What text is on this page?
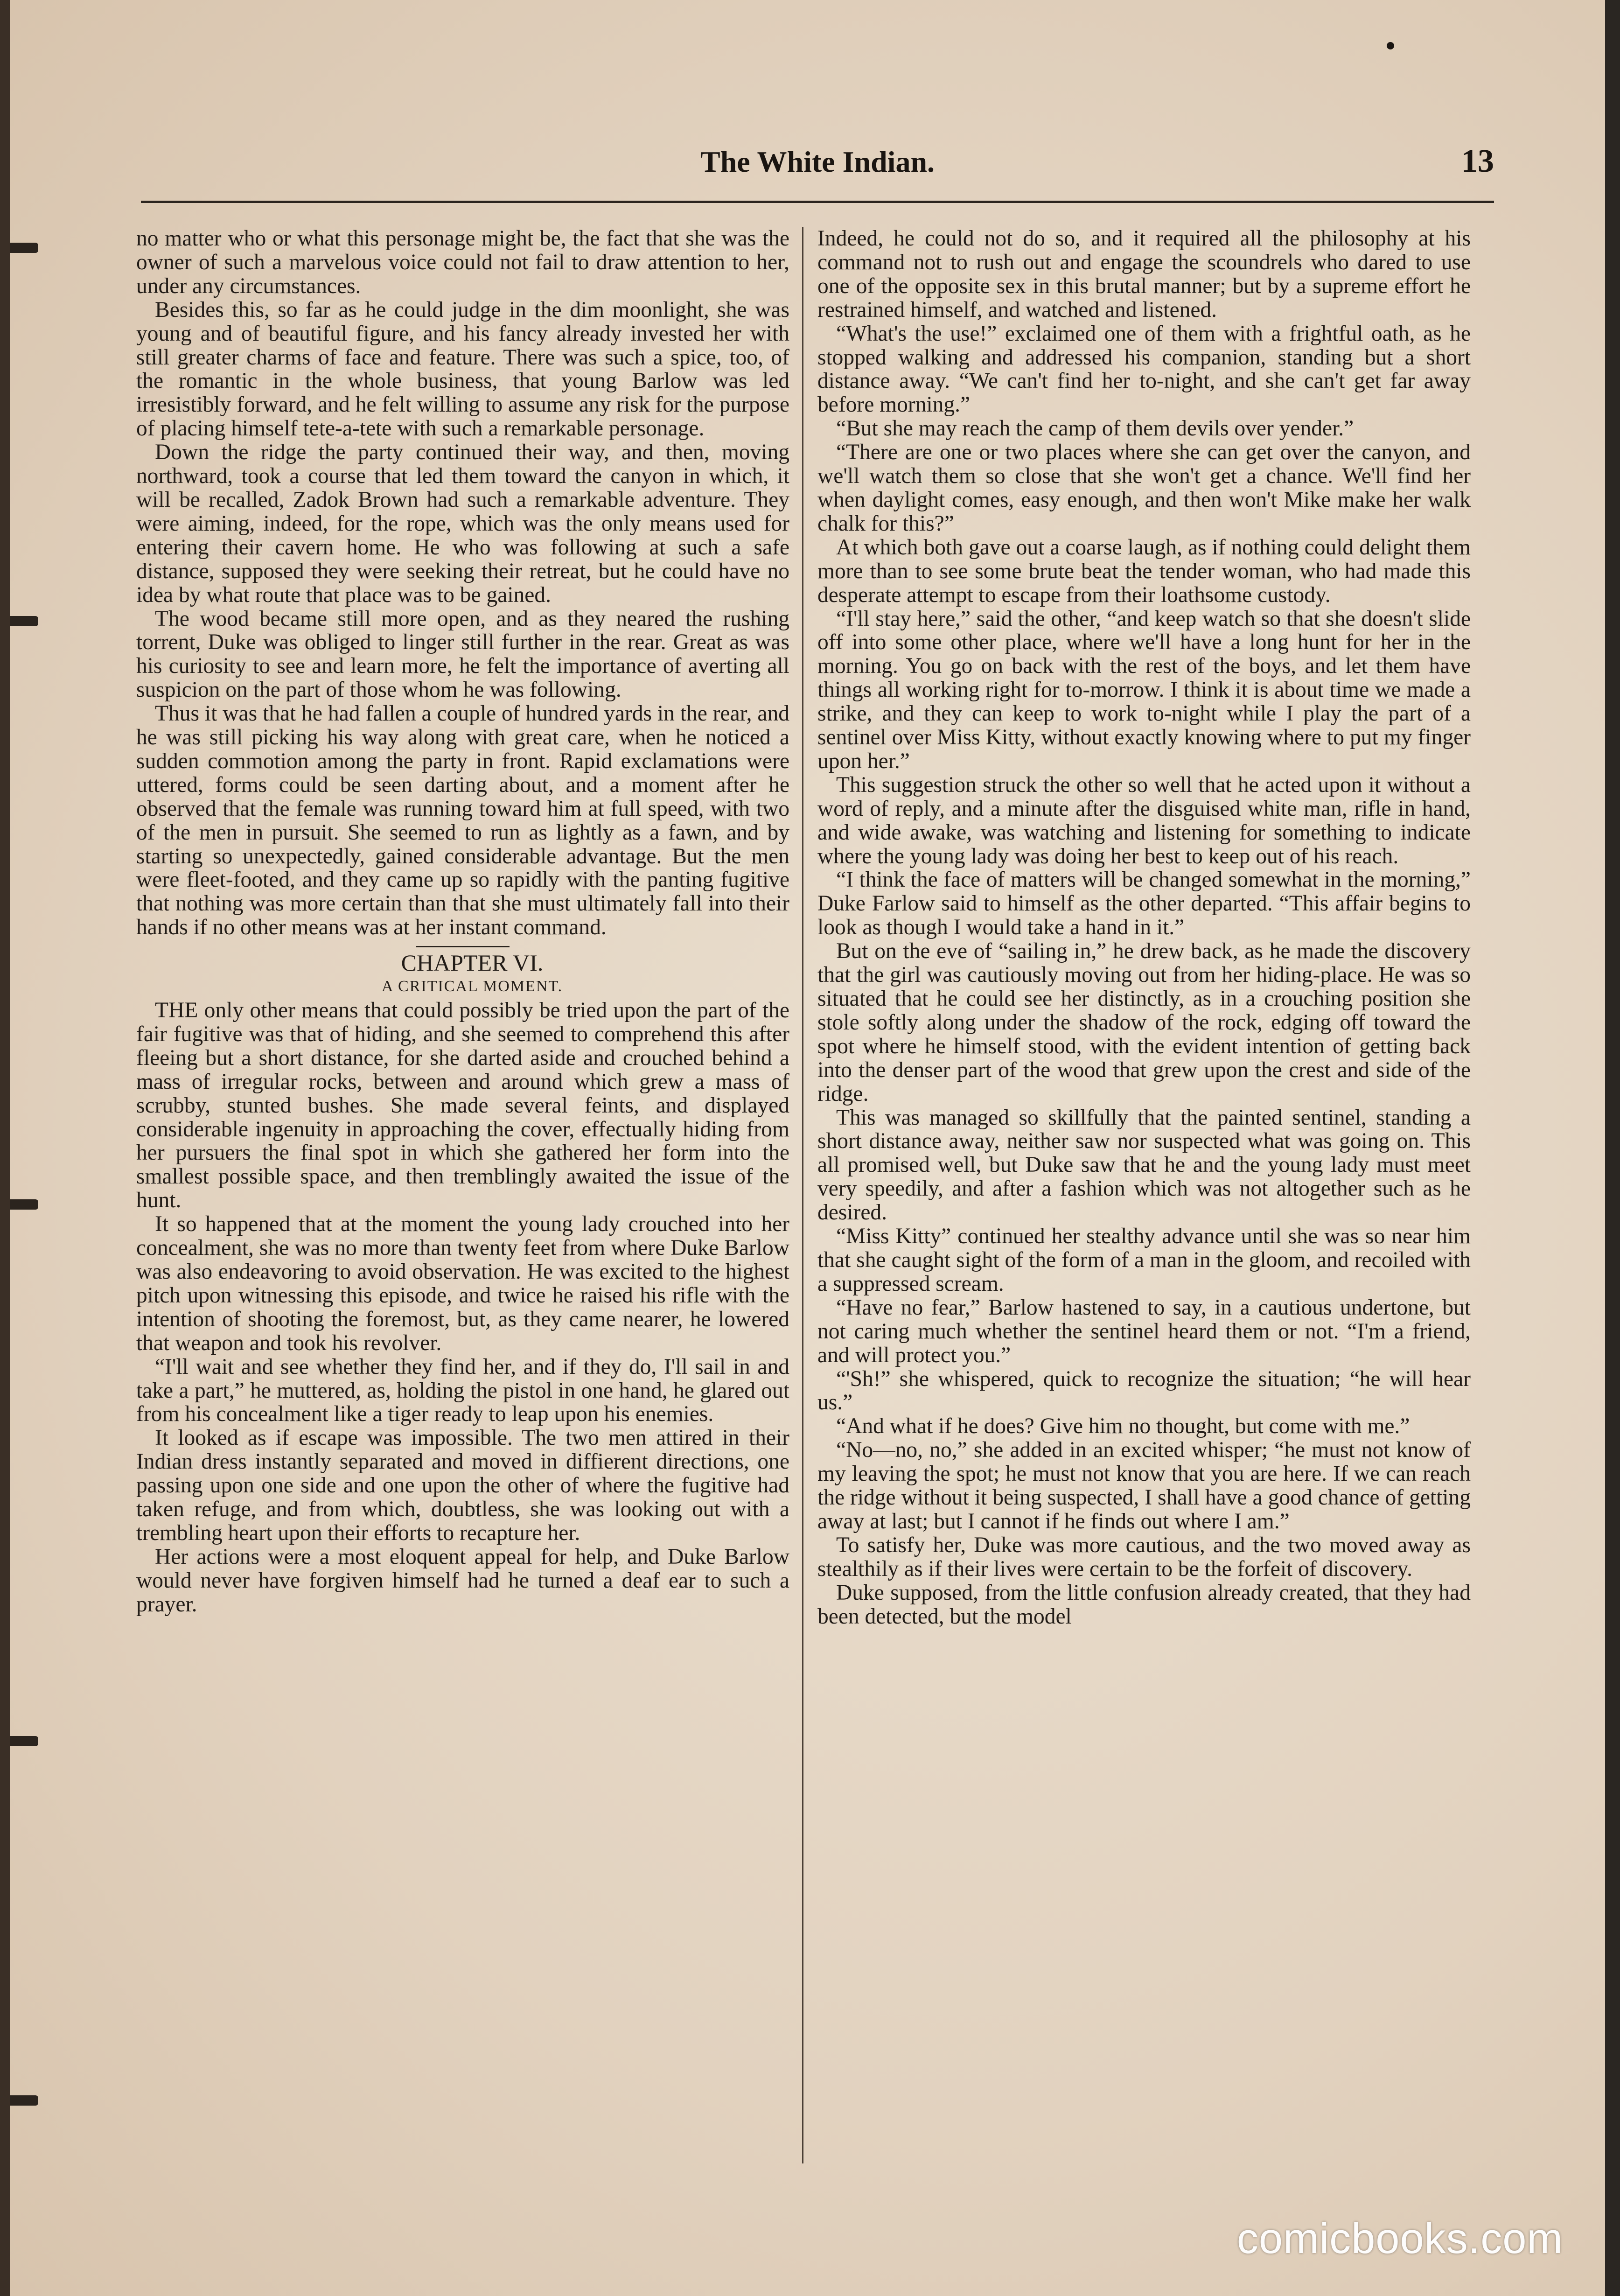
The White Indian.	13

no matter who or what this personage might be, the fact that she was the owner of such a marvelous voice could not fail to draw attention to her, under any circumstances.

Besides this, so far as he could judge in the dim moonlight, she was young and of beautiful figure, and his fancy already invested her with still greater charms of face and feature. There was such a spice, too, of the romantic in the whole business, that young Barlow was led irresistibly forward, and he felt willing to assume any risk for the purpose of placing himself tete-a-tete with such a remarkable personage.

Down the ridge the party continued their way, and then, moving northward, took a course that led them toward the canyon in which, it will be recalled, Zadok Brown had such a remarkable adventure. They were aiming, indeed, for the rope, which was the only means used for entering their cavern home. He who was following at such a safe distance, supposed they were seeking their retreat, but he could have no idea by what route that place was to be gained.

The wood became still more open, and as they neared the rushing torrent, Duke was obliged to linger still further in the rear. Great as was his curiosity to see and learn more, he felt the importance of averting all suspicion on the part of those whom he was following.

Thus it was that he had fallen a couple of hundred yards in the rear, and he was still picking his way along with great care, when he noticed a sudden commotion among the party in front. Rapid exclamations were uttered, forms could be seen darting about, and a moment after he observed that the female was running toward him at full speed, with two of the men in pursuit. She seemed to run as lightly as a fawn, and by starting so unexpectedly, gained considerable advantage. But the men were fleet-footed, and they came up so rapidly with the panting fugitive that nothing was more certain than that she must ultimately fall into their hands if no other means was at her instant command.

CHAPTER VI.

A CRITICAL MOMENT.

THE only other means that could possibly be tried upon the part of the fair fugitive was that of hiding, and she seemed to comprehend this after fleeing but a short distance, for she darted aside and crouched behind a mass of irregular rocks, between and around which grew a mass of scrubby, stunted bushes. She made several feints, and displayed considerable ingenuity in approaching the cover, effectually hiding from her pursuers the final spot in which she gathered her form into the smallest possible space, and then tremblingly awaited the issue of the hunt.

It so happened that at the moment the young lady crouched into her concealment, she was no more than twenty feet from where Duke Barlow was also endeavoring to avoid observation. He was excited to the highest pitch upon witnessing this episode, and twice he raised his rifle with the intention of shooting the foremost, but, as they came nearer, he lowered that weapon and took his revolver.

“I'll wait and see whether they find her, and if they do, I'll sail in and take a part,” he muttered, as, holding the pistol in one hand, he glared out from his concealment like a tiger ready to leap upon his enemies.

It looked as if escape was impossible. The two men attired in their Indian dress instantly separated and moved in diffierent directions, one passing upon one side and one upon the other of where the fugitive had taken refuge, and from which, doubtless, she was looking out with a trembling heart upon their efforts to recapture her.

Her actions were a most eloquent appeal for help, and Duke Barlow would never have forgiven himself had he turned a deaf ear to such a prayer.

Indeed, he could not do so, and it required all the philosophy at his command not to rush out and engage the scoundrels who dared to use one of the opposite sex in this brutal manner; but by a supreme effort he restrained himself, and watched and listened.

“What's the use!” exclaimed one of them with a frightful oath, as he stopped walking and addressed his companion, standing but a short distance away. “We can't find her to-night, and she can't get far away before morning.”

“But she may reach the camp of them devils over yender.”

“There are one or two places where she can get over the canyon, and we'll watch them so close that she won't get a chance. We'll find her when daylight comes, easy enough, and then won't Mike make her walk chalk for this?”

At which both gave out a coarse laugh, as if nothing could delight them more than to see some brute beat the tender woman, who had made this desperate attempt to escape from their loathsome custody.

“I'll stay here,” said the other, “and keep watch so that she doesn't slide off into some other place, where we'll have a long hunt for her in the morning. You go on back with the rest of the boys, and let them have things all working right for to-morrow. I think it is about time we made a strike, and they can keep to work to-night while I play the part of a sentinel over Miss Kitty, without exactly knowing where to put my finger upon her.”

This suggestion struck the other so well that he acted upon it without a word of reply, and a minute after the disguised white man, rifle in hand, and wide awake, was watching and listening for something to indicate where the young lady was doing her best to keep out of his reach.

“I think the face of matters will be changed somewhat in the morning,” Duke Farlow said to himself as the other departed. “This affair begins to look as though I would take a hand in it.”

But on the eve of “sailing in,” he drew back, as he made the discovery that the girl was cautiously moving out from her hiding-place. He was so situated that he could see her distinctly, as in a crouching position she stole softly along under the shadow of the rock, edging off toward the spot where he himself stood, with the evident intention of getting back into the denser part of the wood that grew upon the crest and side of the ridge.

This was managed so skillfully that the painted sentinel, standing a short distance away, neither saw nor suspected what was going on. This all promised well, but Duke saw that he and the young lady must meet very speedily, and after a fashion which was not altogether such as he desired.

“Miss Kitty” continued her stealthy advance until she was so near him that she caught sight of the form of a man in the gloom, and recoiled with a suppressed scream.

“Have no fear,” Barlow hastened to say, in a cautious undertone, but not caring much whether the sentinel heard them or not. “I'm a friend, and will protect you.”

“'Sh!” she whispered, quick to recognize the situation; “he will hear us.”

“And what if he does? Give him no thought, but come with me.”

“No—no, no,” she added in an excited whisper; “he must not know of my leaving the spot; he must not know that you are here. If we can reach the ridge without it being suspected, I shall have a good chance of getting away at last; but I cannot if he finds out where I am.”

To satisfy her, Duke was more cautious, and the two moved away as stealthily as if their lives were certain to be the forfeit of discovery.

Duke supposed, from the little confusion already created, that they had been detected, but the model

comicbooks.com
